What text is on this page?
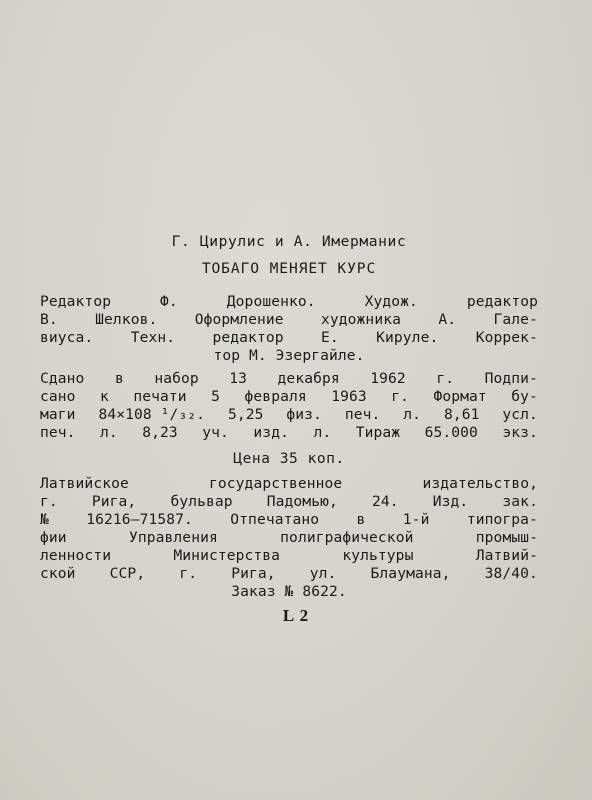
Г. Цирулис и А. Имерманис
ТОБАГО МЕНЯЕТ КУРС
Редактор	Ф.	Дорошенко.	Худож.	редактор
В.	Шелков.	Оформление	художника	А.	Гале-
виуса.	Техн.	редактор	Е.	Кируле.	Коррек-
тор М. Эзергайле.
Сдано в набор 13 декабря 1962 г. Подпи-
сано к печати 5 февраля 1963 г. Формат бу-
маги 84×108 ¹/₃₂. 5,25 физ. печ. л. 8,61 усл.
печ. л. 8,23 уч. изд. л. Тираж 65.000 экз.
Цена 35 коп.
Латвийское	государственное	издательство,
г. Рига, бульвар Падомью, 24. Изд. зак.
№	16216—71587.	Отпечатано	в	1-й	типогра-
фии	Управления	полиграфической	промыш-
ленности	Министерства	культуры	Латвий-
ской ССР, г. Рига, ул. Блаумана, 38/40.
Заказ № 8622.
L 2
